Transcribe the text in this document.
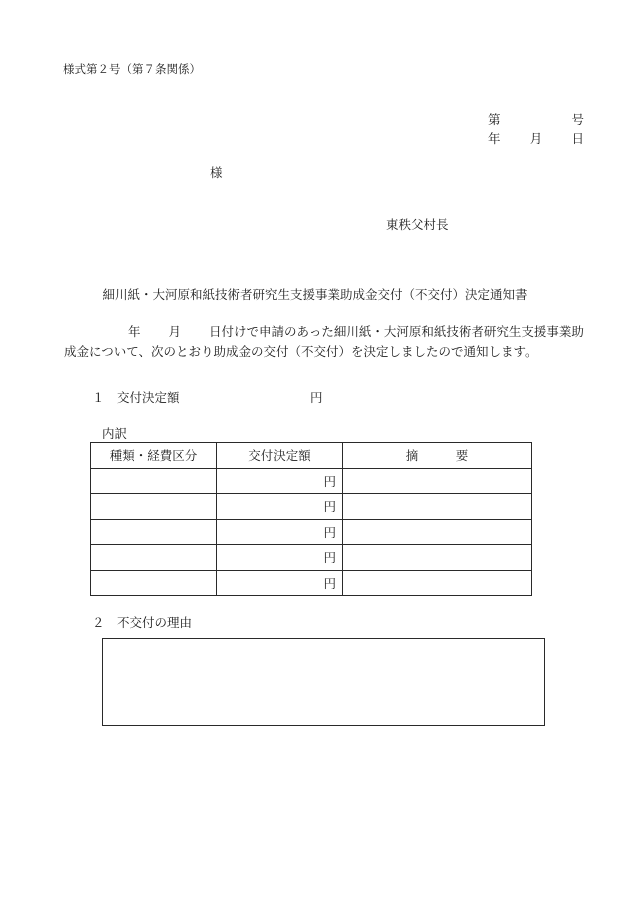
様式第２号（第７条関係）
第	号
年 月 日
様
東秩父村長
細川紙・大河原和紙技術者研究生支援事業助成金交付（不交付）決定通知書
年 月 日付けで申請のあった細川紙・大河原和紙技術者研究生支援事業助成金について、次のとおり助成金の交付（不交付）を決定しましたので通知します。
１　交付決定額	円
内訳
種類・経費区分	交付決定額	摘　　　要
	円	
	円	
	円	
	円	
	円	
２　不交付の理由
